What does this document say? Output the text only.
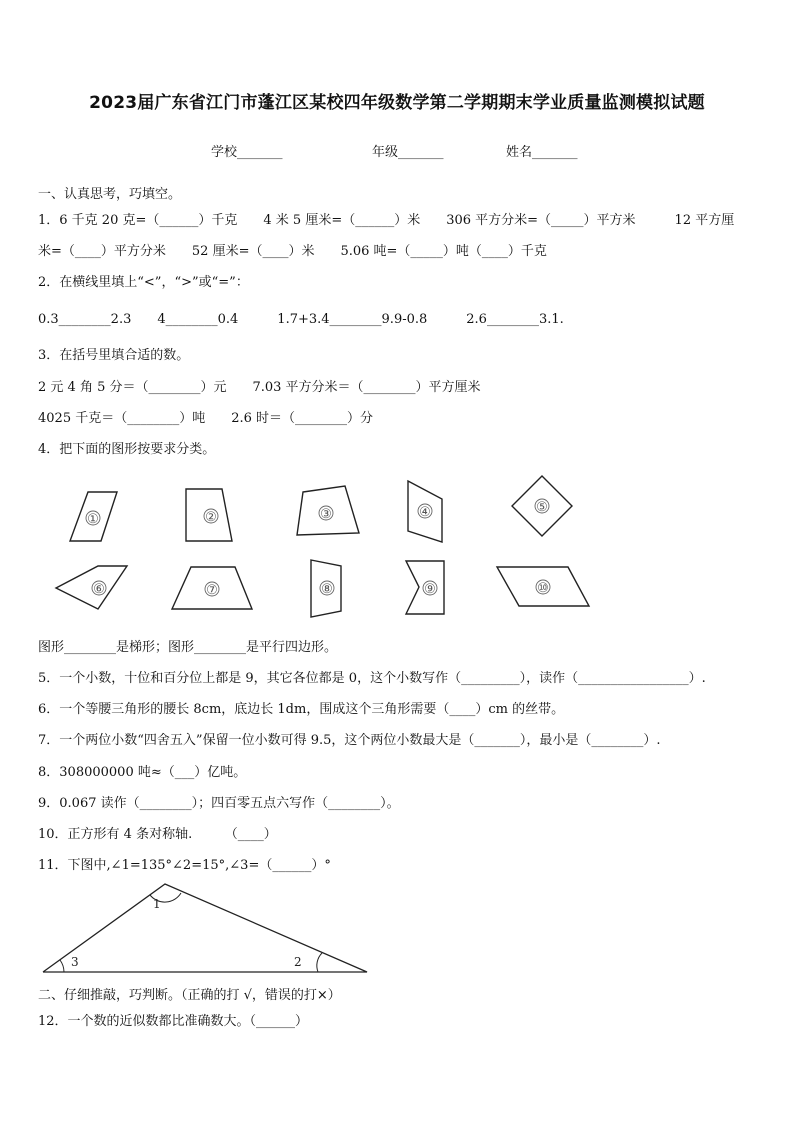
2023届广东省江门市蓬江区某校四年级数学第二学期期末学业质量监测模拟试题
学校_______	年级_______	姓名_______
一、认真思考，巧填空。
1．6 千克 20 克=（______）千克　　4 米 5 厘米=（______）米　　306 平方分米=（_____）平方米　　　12 平方厘
米=（____）平方分米　　52 厘米=（____）米　　5.06 吨=（_____）吨（____）千克
2．在横线里填上“<”，“>”或“=”：
0.3________2.3　　4________0.4　　　1.7+3.4________9.9-0.8　　　2.6________3.1.
3．在括号里填合适的数。
2 元 4 角 5 分＝（________）元　　7.03 平方分米＝（________）平方厘米
4025 千克＝（________）吨　　2.6 时＝（________）分
4．把下面的图形按要求分类。
①	②	③	④	⑤
⑥	⑦	⑧	⑨	⑩
1
2
3
图形________是梯形；图形________是平行四边形。
5．一个小数，十位和百分位上都是 9，其它各位都是 0，这个小数写作（_________），读作（_________________）.
6．一个等腰三角形的腰长 8cm，底边长 1dm，围成这个三角形需要（____）cm 的丝带。
7．一个两位小数“四舍五入”保留一位小数可得 9.5，这个两位小数最大是（_______），最小是（________）.
8．308000000 吨≈（___）亿吨。
9．0.067 读作（________）；四百零五点六写作（________）。
10．正方形有 4 条对称轴.　　　（____）
11．下图中,∠1=135°∠2=15°,∠3=（______）°
二、仔细推敲，巧判断。（正确的打 √，错误的打×）
12．一个数的近似数都比准确数大。（______）
